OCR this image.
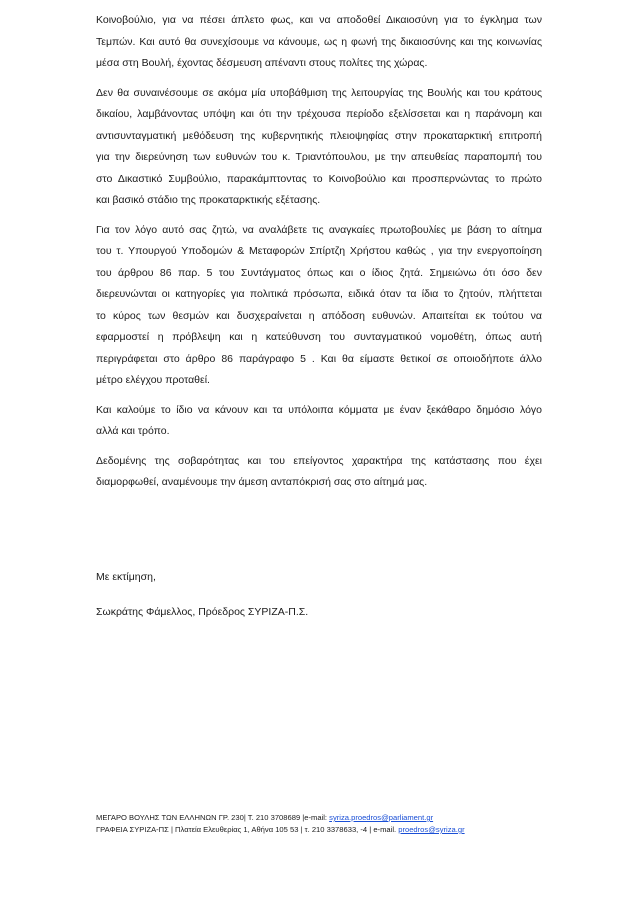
Κοινοβούλιο, για να πέσει άπλετο φως, και να αποδοθεί Δικαιοσύνη για το έγκλημα των
Τεμπών. Και αυτό θα συνεχίσουμε να κάνουμε, ως η φωνή της δικαιοσύνης και της κοινωνίας
μέσα στη Βουλή, έχοντας δέσμευση απέναντι στους πολίτες της χώρας.

Δεν θα συναινέσουμε σε ακόμα μία υποβάθμιση της λειτουργίας της Βουλής και του κράτους
δικαίου, λαμβάνοντας υπόψη και ότι την τρέχουσα περίοδο εξελίσσεται και η παράνομη και
αντισυνταγματική μεθόδευση της κυβερνητικής πλειοψηφίας στην προκαταρκτική επιτροπή
για την διερεύνηση των ευθυνών του κ. Τριαντόπουλου, με την απευθείας παραπομπή του
στο Δικαστικό Συμβούλιο, παρακάμπτοντας το Κοινοβούλιο και προσπερνώντας το πρώτο
και βασικό στάδιο της προκαταρκτικής εξέτασης.

Για τον λόγο αυτό σας ζητώ, να αναλάβετε τις αναγκαίες πρωτοβουλίες με βάση το αίτημα
του τ. Υπουργού Υποδομών & Μεταφορών Σπίρτζη Χρήστου καθώς , για την ενεργοποίηση
του άρθρου 86 παρ. 5 του Συντάγματος όπως και ο ίδιος ζητά. Σημειώνω ότι όσο δεν
διερευνώνται οι κατηγορίες για πολιτικά πρόσωπα, ειδικά όταν τα ίδια το ζητούν, πλήττεται
το κύρος των θεσμών και δυσχεραίνεται η απόδοση ευθυνών. Απαιτείται εκ τούτου να
εφαρμοστεί η πρόβλεψη και η κατεύθυνση του συνταγματικού νομοθέτη, όπως αυτή
περιγράφεται στο άρθρο 86 παράγραφο 5 . Και θα είμαστε θετικοί σε οποιοδήποτε άλλο
μέτρο ελέγχου προταθεί.

Και καλούμε το ίδιο να κάνουν και τα υπόλοιπα κόμματα με έναν ξεκάθαρο δημόσιο λόγο
αλλά και τρόπο.

Δεδομένης της σοβαρότητας και του επείγοντος χαρακτήρα της κατάστασης που έχει
διαμορφωθεί, αναμένουμε την άμεση ανταπόκρισή σας στο αίτημά μας.

Με εκτίμηση,

Σωκράτης Φάμελλος, Πρόεδρος ΣΥΡΙΖΑ-Π.Σ.

ΜΕΓΑΡΟ ΒΟΥΛΗΣ ΤΩΝ ΕΛΛΗΝΩΝ ΓΡ. 230| Τ. 210 3708689 |e-mail: syriza.proedros@parliament.gr
ΓΡΑΦΕΙΑ ΣΥΡΙΖΑ-ΠΣ | Πλατεία Ελευθερίας 1, Αθήνα 105 53 | τ. 210 3378633, -4 | e-mail. proedros@syriza.gr
